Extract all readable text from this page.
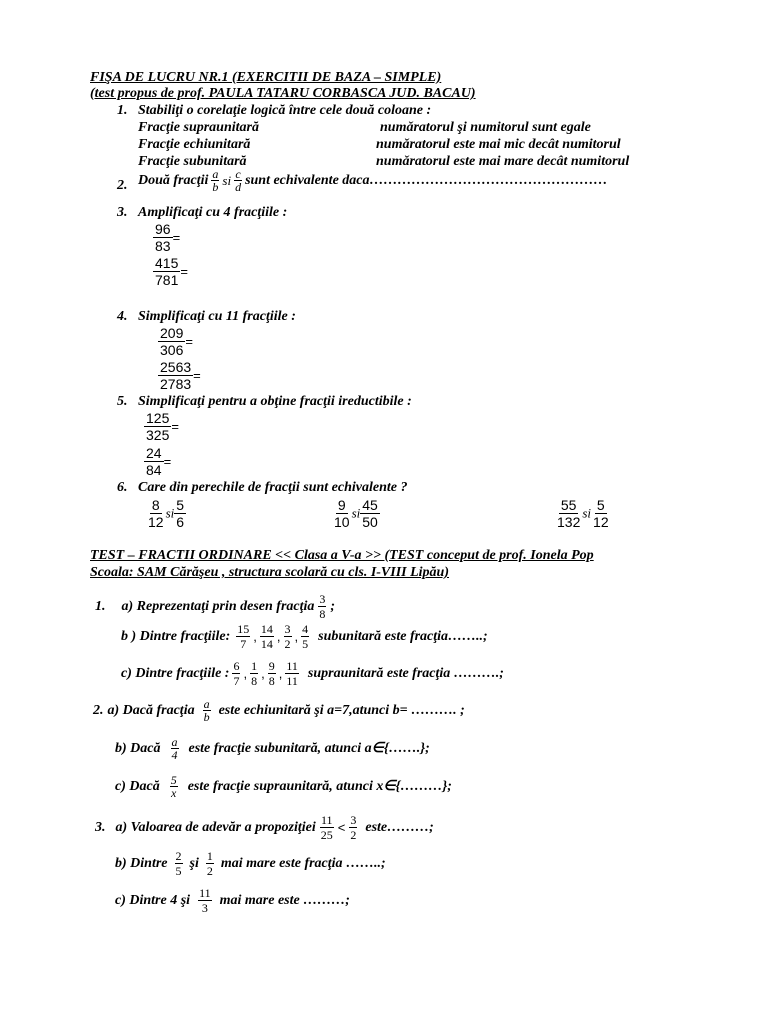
FIŞA DE LUCRU NR.1 (EXERCITII DE BAZA – SIMPLE)
(test propus de prof. PAULA TATARU CORBASCA JUD. BACAU)
1. Stabiliţi o corelaţie logică între cele două coloane :
Fracţie supraunitară
Fracţie echiunitară
Fracţie subunitară
numǎratorul şi numitorul sunt egale
numǎratorul este mai mic decât numitorul
numǎratorul este mai mare decât numitorul
2. Două fracţii $\frac{a}{b}$ si $\frac{c}{d}$ sunt echivalente daca……………………………………………
3. Amplificaţi cu 4 fracţiile :
$\frac{96}{83}$ =
$\frac{415}{781}$ =
4. Simplificaţi cu 11 fracţiile :
$\frac{209}{306}$ =
$\frac{2563}{2783}$ =
5. Simplificaţi pentru a obţine fracţii ireductibile :
$\frac{125}{325}$ =
$\frac{24}{84}$ =
6. Care din perechile de fracţii sunt echivalente ?
$\frac{8}{12}$ si $\frac{5}{6}$	$\frac{9}{10}$ si $\frac{45}{50}$	$\frac{55}{132}$ si $\frac{5}{12}$
TEST – FRACTII ORDINARE << Clasa a V-a >> (TEST conceput de prof. Ionela Pop
Scoala: SAM Cărăşeu , structura scolară cu cls. I-VIII Lipău)
1. a) Reprezentaţi prin desen fracţia $\frac{3}{8}$ ;
b ) Dintre fracţiile: $\frac{15}{7}$ , $\frac{14}{14}$ , $\frac{3}{2}$ , $\frac{4}{5}$ subunitară este fracţia……..;
c) Dintre fracţiile : $\frac{6}{7}$ , $\frac{1}{8}$ , $\frac{9}{8}$ , $\frac{11}{11}$ supraunitară este fracţia ……….;
2. a) Dacă fracţia $\frac{a}{b}$ este echiunitară şi a=7,atunci b= ………. ;
b) Dacă $\frac{a}{4}$ este fracţie subunitară, atunci a∈{…….};
c) Dacă $\frac{5}{x}$ este fracţie supraunitară, atunci x∈{………};
3. a) Valoarea de adevăr a propoziţiei $\frac{11}{25} < \frac{3}{2}$ este………;
b) Dintre $\frac{2}{5}$ şi $\frac{1}{2}$ mai mare este fracţia ……..;
c) Dintre 4 şi $\frac{11}{3}$ mai mare este ………;
